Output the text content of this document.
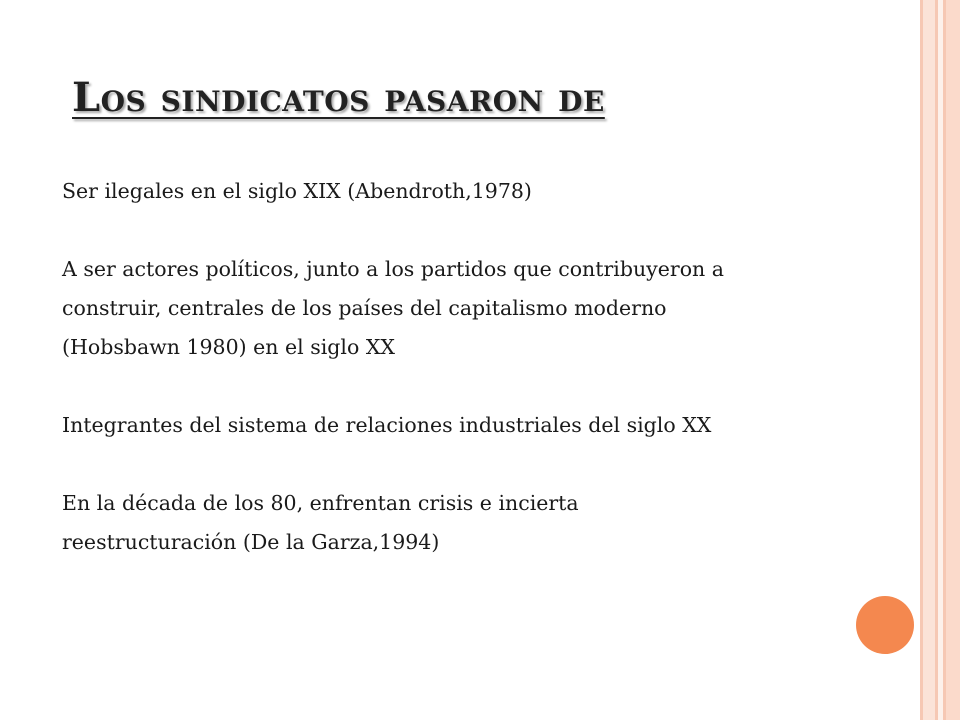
Los sindicatos pasaron de

Ser ilegales en el siglo XIX (Abendroth,1978)

A ser actores políticos, junto a los partidos que contribuyeron a construir, centrales de los países del capitalismo moderno (Hobsbawn 1980) en el siglo XX

Integrantes del sistema de relaciones industriales del siglo XX

En la década de los 80, enfrentan crisis e incierta reestructuración (De la Garza,1994)
